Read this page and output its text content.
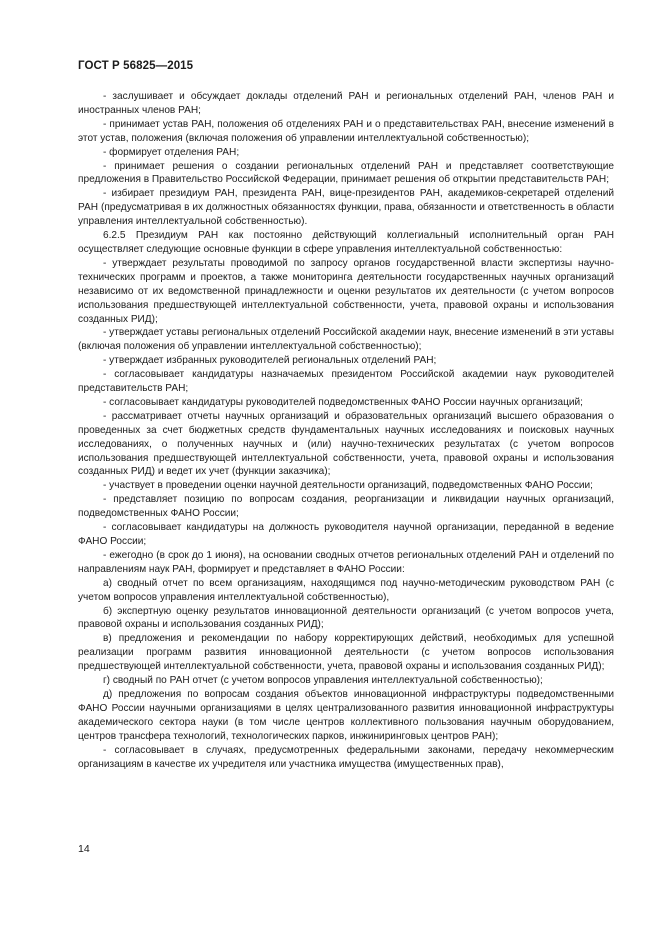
ГОСТ Р 56825—2015

- заслушивает и обсуждает доклады отделений РАН и региональных отделений РАН, членов РАН и иностранных членов РАН;

- принимает устав РАН, положения об отделениях РАН и о представительствах РАН, внесение изменений в этот устав, положения (включая положения об управлении интеллектуальной собственностью);

- формирует отделения РАН;

- принимает решения о создании региональных отделений РАН и представляет соответствующие предложения в Правительство Российской Федерации, принимает решения об открытии представительств РАН;

- избирает президиум РАН, президента РАН, вице-президентов РАН, академиков-секретарей отделений РАН (предусматривая в их должностных обязанностях функции, права, обязанности и ответственность в области управления интеллектуальной собственностью).

6.2.5 Президиум РАН как постоянно действующий коллегиальный исполнительный орган РАН осуществляет следующие основные функции в сфере управления интеллектуальной собственностью:

- утверждает результаты проводимой по запросу органов государственной власти экспертизы научно-технических программ и проектов, а также мониторинга деятельности государственных научных организаций независимо от их ведомственной принадлежности и оценки результатов их деятельности (с учетом вопросов использования предшествующей интеллектуальной собственности, учета, правовой охраны и использования созданных РИД);

- утверждает уставы региональных отделений Российской академии наук, внесение изменений в эти уставы (включая положения об управлении интеллектуальной собственностью);

- утверждает избранных руководителей региональных отделений РАН;

- согласовывает кандидатуры назначаемых президентом Российской академии наук руководителей представительств РАН;

- согласовывает кандидатуры руководителей подведомственных ФАНО России научных организаций;

- рассматривает отчеты научных организаций и образовательных организаций высшего образования о проведенных за счет бюджетных средств фундаментальных научных исследованиях и поисковых научных исследованиях, о полученных научных и (или) научно-технических результатах (с учетом вопросов использования предшествующей интеллектуальной собственности, учета, правовой охраны и использования созданных РИД) и ведет их учет (функции заказчика);

- участвует в проведении оценки научной деятельности организаций, подведомственных ФАНО России;

- представляет позицию по вопросам создания, реорганизации и ликвидации научных организаций, подведомственных ФАНО России;

- согласовывает кандидатуры на должность руководителя научной организации, переданной в ведение ФАНО России;

- ежегодно (в срок до 1 июня), на основании сводных отчетов региональных отделений РАН и отделений по направлениям наук РАН, формирует и представляет в ФАНО России:

а) сводный отчет по всем организациям, находящимся под научно-методическим руководством РАН (с учетом вопросов управления интеллектуальной собственностью),

б) экспертную оценку результатов инновационной деятельности организаций (с учетом вопросов учета, правовой охраны и использования созданных РИД);

в) предложения и рекомендации по набору корректирующих действий, необходимых для успешной реализации программ развития инновационной деятельности (с учетом вопросов использования предшествующей интеллектуальной собственности, учета, правовой охраны и использования созданных РИД);

г) сводный по РАН отчет (с учетом вопросов управления интеллектуальной собственностью);

д) предложения по вопросам создания объектов инновационной инфраструктуры подведомственными ФАНО России научными организациями в целях централизованного развития инновационной инфраструктуры академического сектора науки (в том числе центров коллективного пользования научным оборудованием, центров трансфера технологий, технологических парков, инжиниринговых центров РАН);

- согласовывает в случаях, предусмотренных федеральными законами, передачу некоммерческим организациям в качестве их учредителя или участника имущества (имущественных прав),

14
